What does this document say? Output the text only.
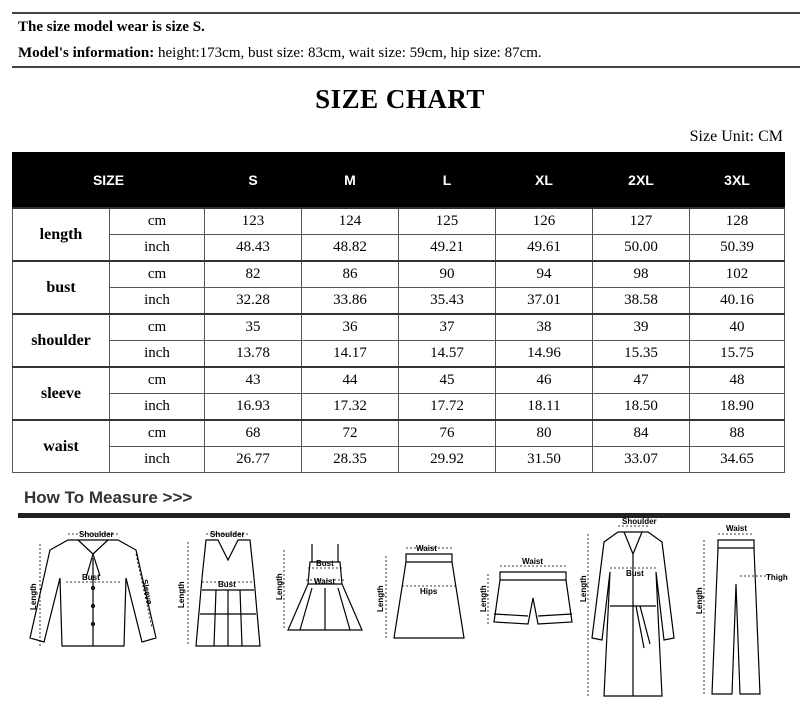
The size model wear is size S.
Model's information: height:173cm, bust size: 83cm, wait size: 59cm, hip size: 87cm.
SIZE CHART
Size Unit: CM
SIZE		S	M	L	XL	2XL	3XL
length	cm	123	124	125	126	127	128
	inch	48.43	48.82	49.21	49.61	50.00	50.39
bust	cm	82	86	90	94	98	102
	inch	32.28	33.86	35.43	37.01	38.58	40.16
shoulder	cm	35	36	37	38	39	40
	inch	13.78	14.17	14.57	14.96	15.35	15.75
sleeve	cm	43	44	45	46	47	48
	inch	16.93	17.32	17.72	18.11	18.50	18.90
waist	cm	68	72	76	80	84	88
	inch	26.77	28.35	29.92	31.50	33.07	34.65
How To Measure >>>
Shoulder
Bust
Length	Sleeve
Shoulder
Bust
Length
Bust
Waist
Length
Waist
Hips
Length
Waist
Length
Shoulder
Bust
Length
Waist
Thigh
Length
